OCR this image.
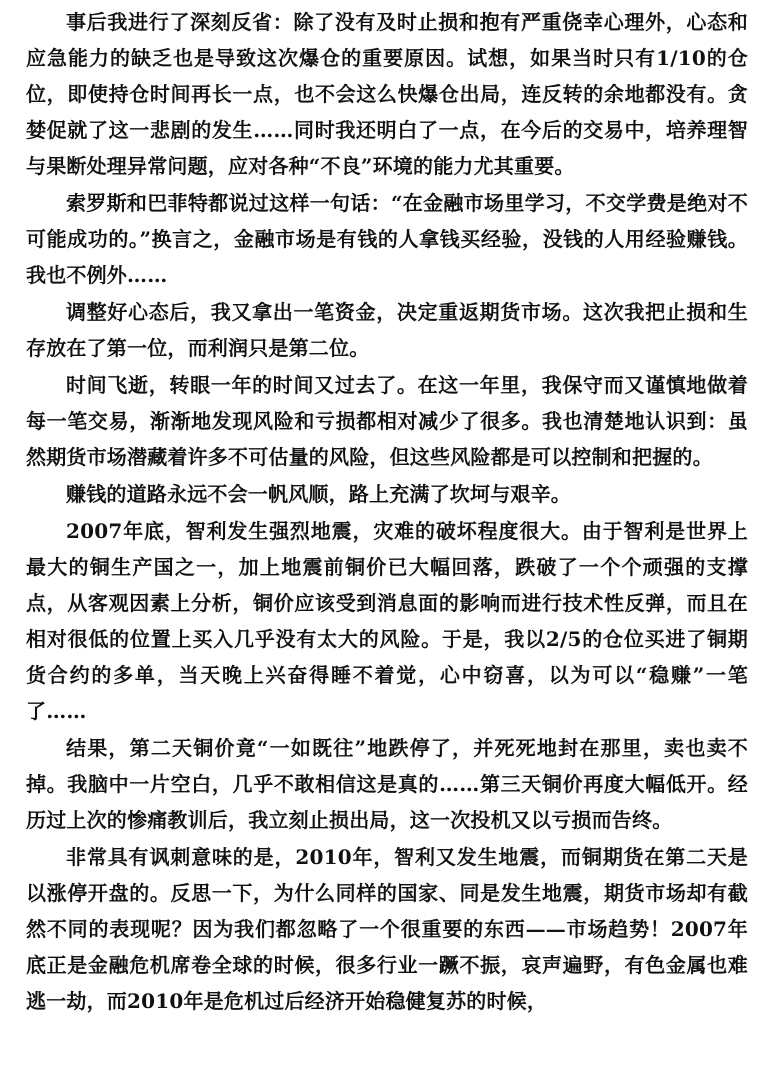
事后我进行了深刻反省：除了没有及时止损和抱有严重侥幸心理外，心态和应急能力的缺乏也是导致这次爆仓的重要原因。试想，如果当时只有1/10的仓位，即使持仓时间再长一点，也不会这么快爆仓出局，连反转的余地都没有。贪婪促就了这一悲剧的发生……同时我还明白了一点，在今后的交易中，培养理智与果断处理异常问题，应对各种“不良”环境的能力尤其重要。

索罗斯和巴菲特都说过这样一句话：“在金融市场里学习，不交学费是绝对不可能成功的。”换言之，金融市场是有钱的人拿钱买经验，没钱的人用经验赚钱。我也不例外……

调整好心态后，我又拿出一笔资金，决定重返期货市场。这次我把止损和生存放在了第一位，而利润只是第二位。

时间飞逝，转眼一年的时间又过去了。在这一年里，我保守而又谨慎地做着每一笔交易，渐渐地发现风险和亏损都相对减少了很多。我也清楚地认识到：虽然期货市场潜藏着许多不可估量的风险，但这些风险都是可以控制和把握的。

赚钱的道路永远不会一帆风顺，路上充满了坎坷与艰辛。

2007年底，智利发生强烈地震，灾难的破坏程度很大。由于智利是世界上最大的铜生产国之一，加上地震前铜价已大幅回落，跌破了一个个顽强的支撑点，从客观因素上分析，铜价应该受到消息面的影响而进行技术性反弹，而且在相对很低的位置上买入几乎没有太大的风险。于是，我以2/5的仓位买进了铜期货合约的多单，当天晚上兴奋得睡不着觉，心中窃喜，以为可以“稳赚”一笔了……

结果，第二天铜价竟“一如既往”地跌停了，并死死地封在那里，卖也卖不掉。我脑中一片空白，几乎不敢相信这是真的……第三天铜价再度大幅低开。经历过上次的惨痛教训后，我立刻止损出局，这一次投机又以亏损而告终。

非常具有讽刺意味的是，2010年，智利又发生地震，而铜期货在第二天是以涨停开盘的。反思一下，为什么同样的国家、同是发生地震，期货市场却有截然不同的表现呢？因为我们都忽略了一个很重要的东西——市场趋势！2007年底正是金融危机席卷全球的时候，很多行业一蹶不振，哀声遍野，有色金属也难逃一劫，而2010年是危机过后经济开始稳健复苏的时候，
